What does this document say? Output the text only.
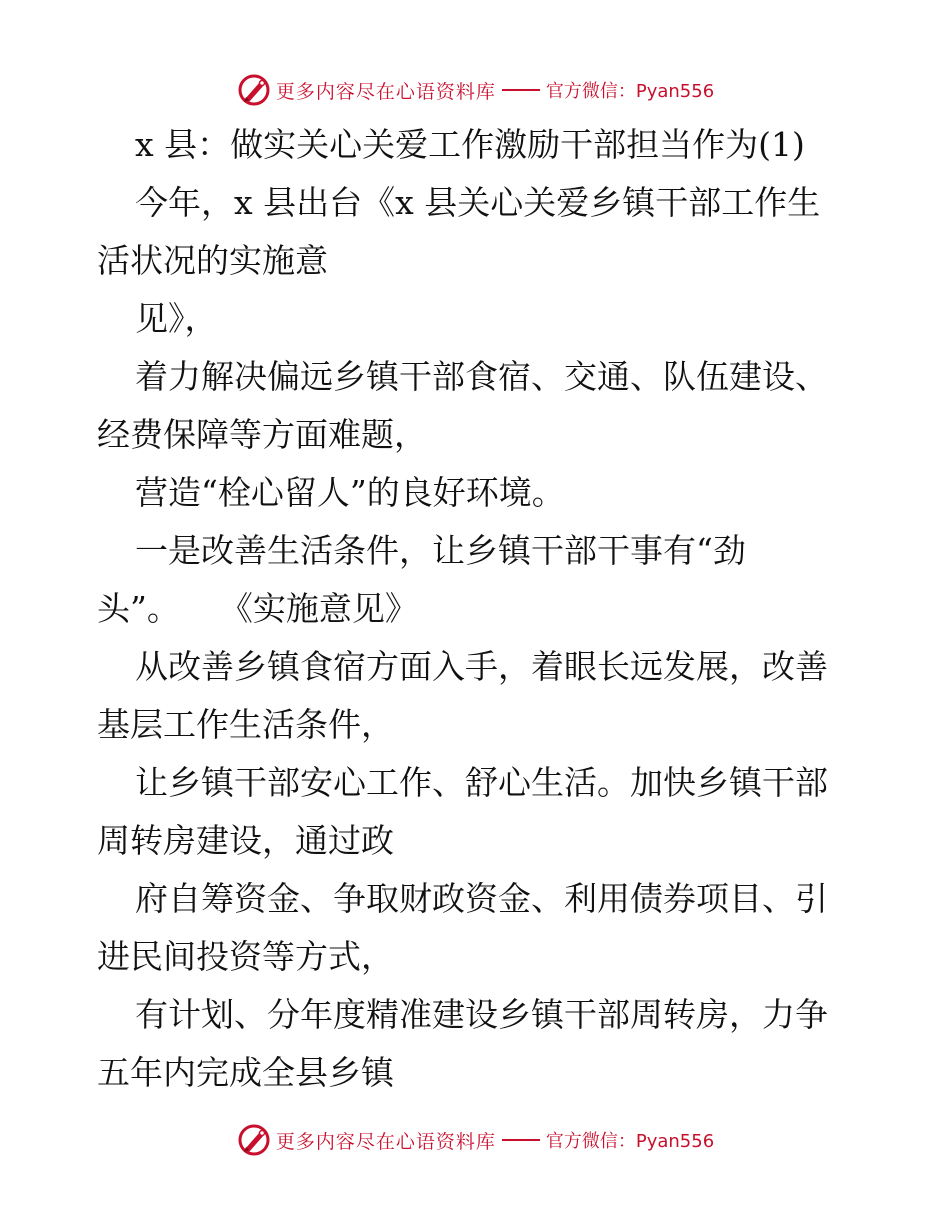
更多内容尽在心语资料库	官方微信：Pyan556
x 县：做实关心关爱工作激励干部担当作为(1)
今年，x 县出台《x 县关心关爱乡镇干部工作生
活状况的实施意
见》，
着力解决偏远乡镇干部食宿、交通、队伍建设、
经费保障等方面难题，
营造“栓心留人”的良好环境。
一是改善生活条件，让乡镇干部干事有“劲
头”。 《实施意见》
从改善乡镇食宿方面入手，着眼长远发展，改善
基层工作生活条件，
让乡镇干部安心工作、舒心生活。加快乡镇干部
周转房建设，通过政
府自筹资金、争取财政资金、利用债券项目、引
进民间投资等方式，
有计划、分年度精准建设乡镇干部周转房，力争
五年内完成全县乡镇
更多内容尽在心语资料库	官方微信：Pyan556
